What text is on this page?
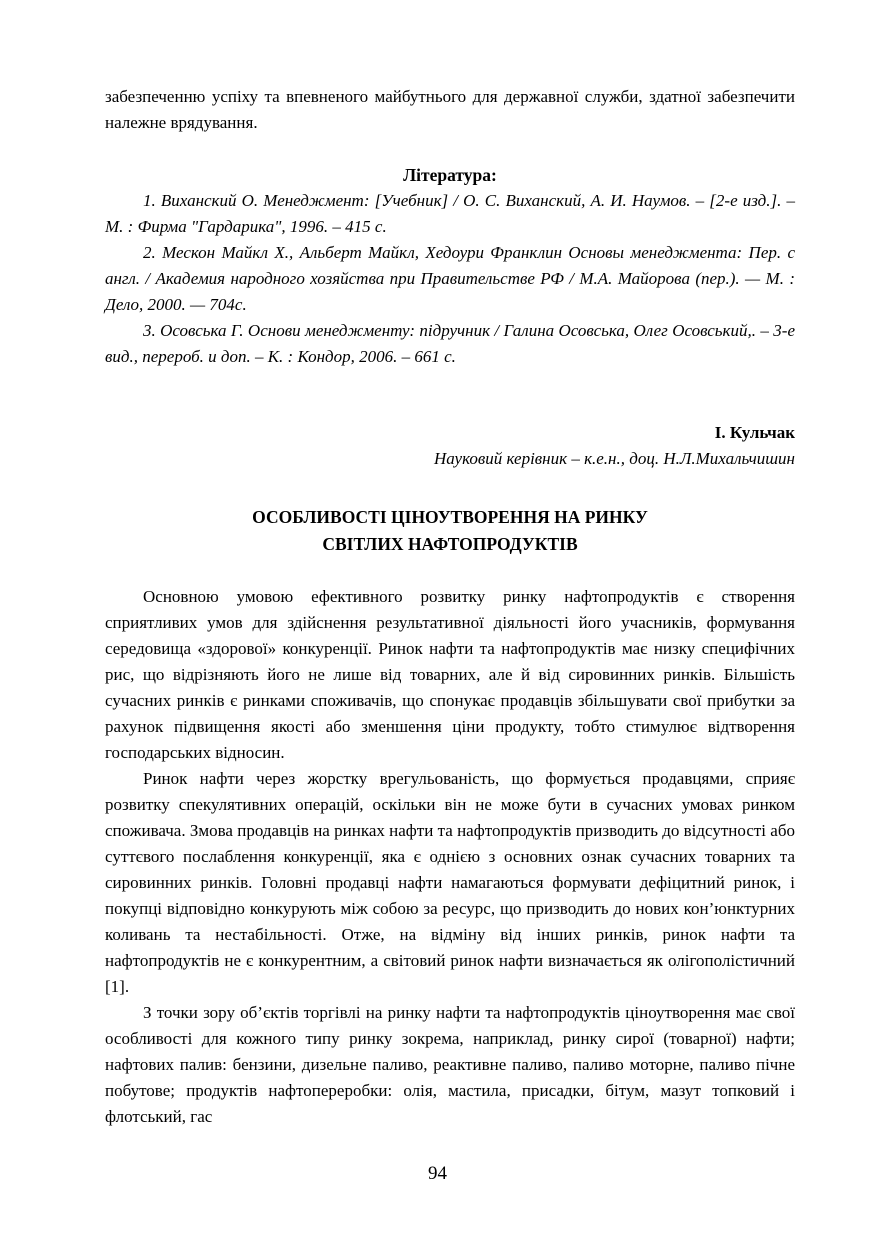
забезпеченню успіху та впевненого майбутнього для державної служби, здатної забезпечити належне врядування.

Література:

1. Виханский О. Менеджмент: [Учебник] / О. С. Виханский, А. И. Наумов. – [2-е изд.]. – М. : Фирма "Гардарика", 1996. – 415 с.

2. Мескон Майкл Х., Альберт Майкл, Хедоури Франклин Основы менеджмента: Пер. с англ. / Академия народного хозяйства при Правительстве РФ / М.А. Майорова (пер.). — М. : Дело, 2000. — 704с.

3. Осовська Г. Основи менеджменту: підручник / Галина Осовська, Олег Осовський,. – 3-е вид., перероб. и доп. – К. : Кондор, 2006. – 661 с.

І. Кульчак

Науковий керівник – к.е.н., доц. Н.Л.Михальчишин

ОСОБЛИВОСТІ ЦІНОУТВОРЕННЯ НА РИНКУ
СВІТЛИХ НАФТОПРОДУКТІВ

Основною умовою ефективного розвитку ринку нафтопродуктів є створення сприятливих умов для здійснення результативної діяльності його учасників, формування середовища «здорової» конкуренції. Ринок нафти та нафтопродуктів має низку специфічних рис, що відрізняють його не лише від товарних, але й від сировинних ринків. Більшість сучасних ринків є ринками споживачів, що спонукає продавців збільшувати свої прибутки за рахунок підвищення якості або зменшення ціни продукту, тобто стимулює відтворення господарських відносин.

Ринок нафти через жорстку врегульованість, що формується продавцями, сприяє розвитку спекулятивних операцій, оскільки він не може бути в сучасних умовах ринком споживача. Змова продавців на ринках нафти та нафтопродуктів призводить до відсутності або суттєвого послаблення конкуренції, яка є однією з основних ознак сучасних товарних та сировинних ринків. Головні продавці нафти намагаються формувати дефіцитний ринок, і покупці відповідно конкурують між собою за ресурс, що призводить до нових кон’юнктурних коливань та нестабільності. Отже, на відміну від інших ринків, ринок нафти та нафтопродуктів не є конкурентним, а світовий ринок нафти визначається як олігополістичний [1].

З точки зору об’єктів торгівлі на ринку нафти та нафтопродуктів ціноутворення має свої особливості для кожного типу ринку зокрема, наприклад, ринку сирої (товарної) нафти; нафтових палив: бензини, дизельне паливо, реактивне паливо, паливо моторне, паливо пічне побутове; продуктів нафтопереробки: олія, мастила, присадки, бітум, мазут топковий і флотський, гас

94
